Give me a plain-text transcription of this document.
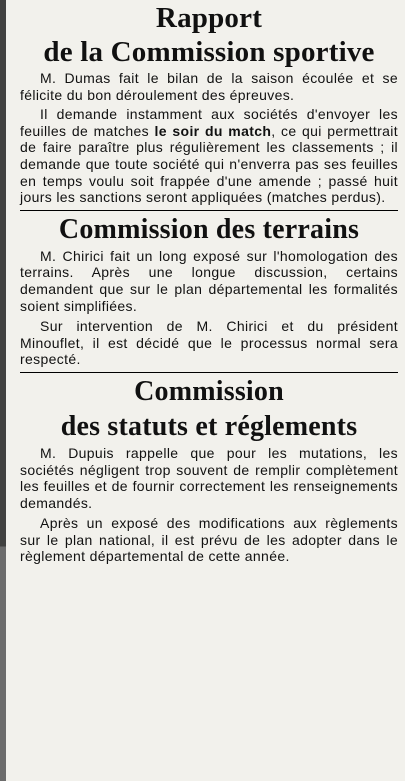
Rapport
de la Commission sportive

M. Dumas fait le bilan de la saison écoulée et se félicite du bon déroulement des épreuves.

Il demande instamment aux sociétés d'envoyer les feuilles de matches le soir du match, ce qui permettrait de faire paraître plus régulièrement les classements ; il demande que toute société qui n'enverra pas ses feuilles en temps voulu soit frappée d'une amende ; passé huit jours les sanctions seront appliquées (matches perdus).

Commission des terrains

M. Chirici fait un long exposé sur l'homologation des terrains. Après une longue discussion, certains demandent que sur le plan départemental les formalités soient simplifiées.

Sur intervention de M. Chirici et du président Minouflet, il est décidé que le processus normal sera respecté.

Commission
des statuts et réglements

M. Dupuis rappelle que pour les mutations, les sociétés négligent trop souvent de remplir complètement les feuilles et de fournir correctement les renseignements demandés.

Après un exposé des modifications aux règlements sur le plan national, il est prévu de les adopter dans le règlement départemental de cette année.
